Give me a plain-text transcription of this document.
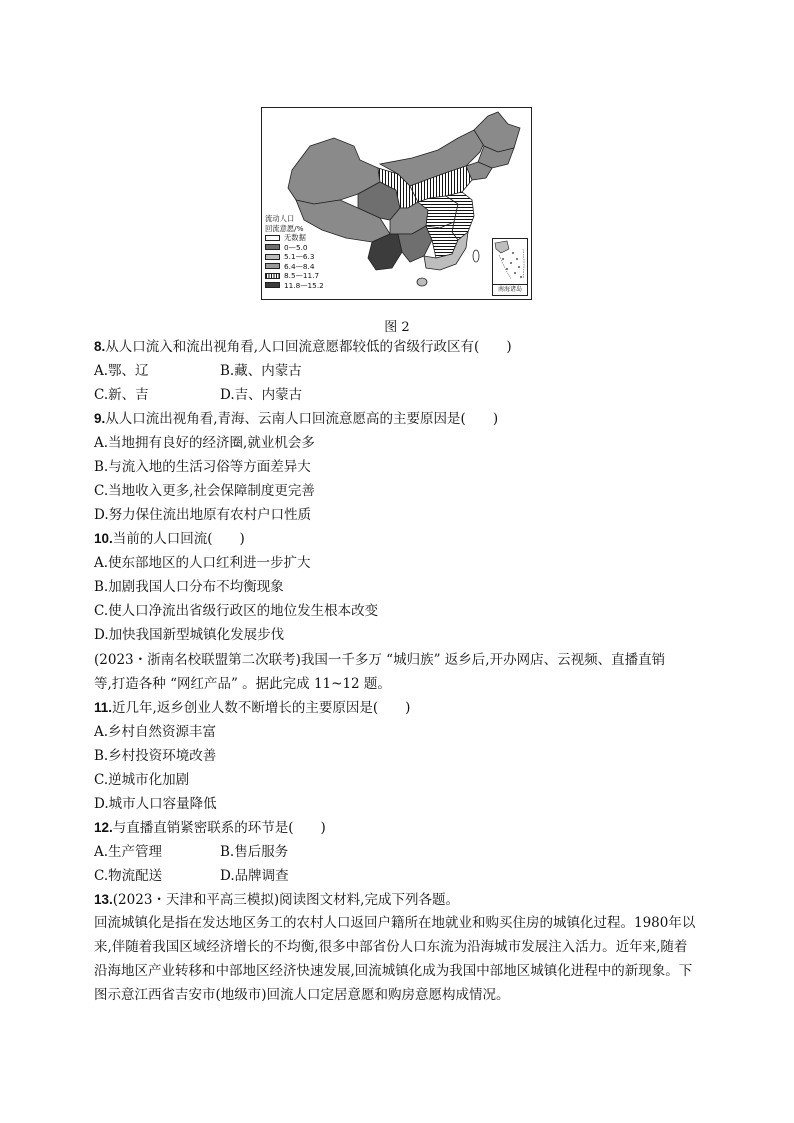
流动人口
回流意愿/%
无数据
0—5.0
5.1—6.3
6.4—8.4
8.5—11.7
11.8—15.2	南海诸岛
图 2
8.从人口流入和流出视角看,人口回流意愿都较低的省级行政区有(　　)
A.鄂、辽	B.藏、内蒙古
C.新、吉	D.吉、内蒙古
9.从人口流出视角看,青海、云南人口回流意愿高的主要原因是(　　)
A.当地拥有良好的经济圈,就业机会多
B.与流入地的生活习俗等方面差异大
C.当地收入更多,社会保障制度更完善
D.努力保住流出地原有农村户口性质
10.当前的人口回流(　　)
A.使东部地区的人口红利进一步扩大
B.加剧我国人口分布不均衡现象
C.使人口净流出省级行政区的地位发生根本改变
D.加快我国新型城镇化发展步伐
(2023・浙南名校联盟第二次联考)我国一千多万 “城归族” 返乡后,开办网店、云视频、直播直销
等,打造各种 “网红产品” 。据此完成 11~12 题。
11.近几年,返乡创业人数不断增长的主要原因是(　　)
A.乡村自然资源丰富
B.乡村投资环境改善
C.逆城市化加剧
D.城市人口容量降低
12.与直播直销紧密联系的环节是(　　)
A.生产管理	B.售后服务
C.物流配送	D.品牌调查
13.(2023・天津和平高三模拟)阅读图文材料,完成下列各题。
回流城镇化是指在发达地区务工的农村人口返回户籍所在地就业和购买住房的城镇化过程。1980年以来,伴随着我国区域经济增长的不均衡,很多中部省份人口东流为沿海城市发展注入活力。近年来,随着沿海地区产业转移和中部地区经济快速发展,回流城镇化成为我国中部地区城镇化进程中的新现象。下图示意江西省吉安市(地级市)回流人口定居意愿和购房意愿构成情况。
